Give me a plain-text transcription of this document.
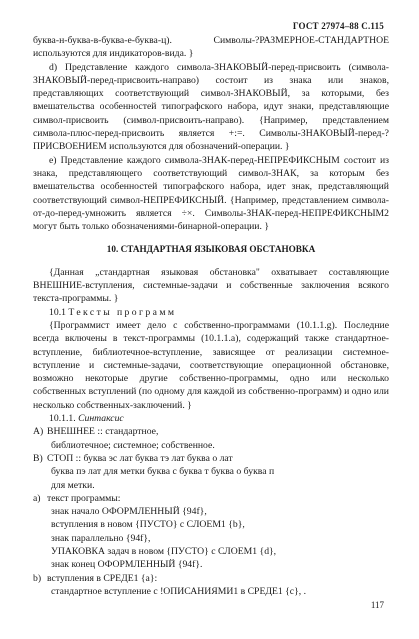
ГОСТ 27974–88 С.115

буква-н-буква-в-буква-е-буква-ц). Символы-?РАЗМЕРНОЕ-СТАНДАРТНОЕ используются для индикаторов-вида. }

d) Представление каждого символа-ЗНАКОВЫЙ-перед-присвоить (символа-ЗНАКОВЫЙ-перед-присвоить-направо) состоит из знака или знаков, представляющих соответствующий символ-ЗНАКОВЫЙ, за которыми, без вмешательства особенностей типографского набора, идут знаки, представляющие символ-присвоить (символ-присвоить-направо). {Например, представлением символа-плюс-перед-присвоить является +:=. Символы-ЗНАКОВЫЙ-перед-?ПРИСВОЕНИЕМ используются для обозначений-операции. }

е) Представление каждого символа-ЗНАК-перед-НЕПРЕФИКСНЫМ состоит из знака, представляющего соответствующий символ-ЗНАК, за которым без вмешательства особенностей типографского набора, идет знак, представляющий соответствующий символ-НЕПРЕФИКСНЫЙ. {Например, представлением символа-от-до-перед-умножить является ÷×. Символы-ЗНАК-перед-НЕПРЕФИКСНЫМ2 могут быть только обозначениями-бинарной-операции. }

10. СТАНДАРТНАЯ ЯЗЫКОВАЯ ОБСТАНОВКА

{Данная „стандартная языковая обстановка" охватывает составляющие ВНЕШНИЕ-вступления, системные-задачи и собственные заключения всякого текста-программы. }

10.1 Тексты программ

{Программист имеет дело с собственно-программами (10.1.1.g). Последние всегда включены в текст-программы (10.1.1.а), содержащий также стандартное-вступление, библиотечное-вступление, зависящее от реализации системное-вступление и системные-задачи, соответствующие операционной обстановке, возможно некоторые другие собственно-программы, одно или несколько собственных вступлений (по одному для каждой из собственно-программ) и одно или несколько собственных-заключений. }

10.1.1. Синтаксис

A) ВНЕШНЕЕ :: стандартное,
библиотечное; системное; собственное.
B) СТОП :: буква эс лат буква тэ лат буква о лат
буква пэ лат для метки буква с буква т буква о буква п
для метки.
a) текст программы:
знак начало ОФОРМЛЕННЫЙ {94f},
вступления в новом {ПУСТО} с СЛОЕМ1 {b},
знак параллельно {94f},
УПАКОВКА задач в новом {ПУСТО} с СЛОЕМ1 {d},
знак конец ОФОРМЛЕННЫЙ {94f}.
b) вступления в СРЕДЕ1 {а}:
стандартное вступление с !ОПИСАНИЯМИ1 в СРЕДЕ1 {с}, .
117
